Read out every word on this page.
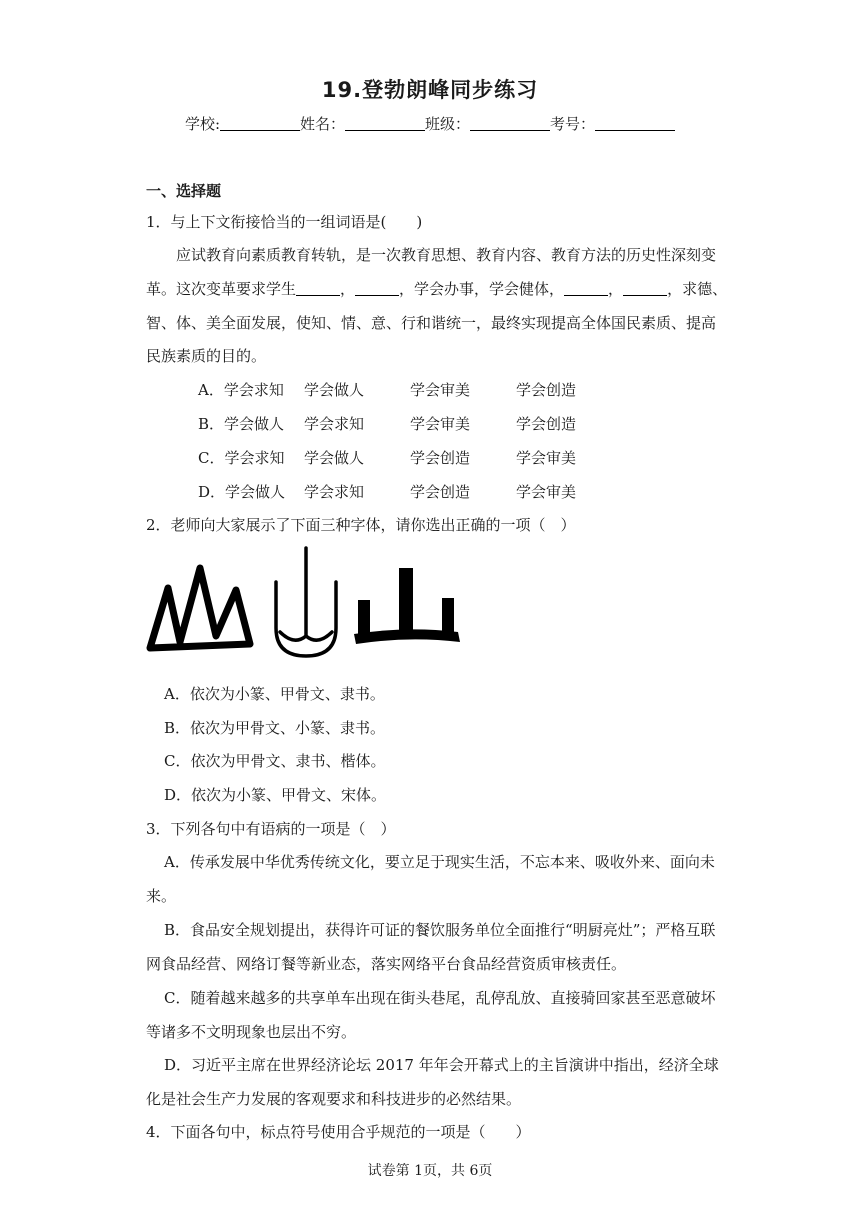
19.登勃朗峰同步练习
学校:	姓名：	班级：	考号：
一、选择题
1．与上下文衔接恰当的一组词语是(　　)
　　应试教育向素质教育转轨，是一次教育思想、教育内容、教育方法的历史性深刻变
革。这次变革要求学生	，	，学会办事，学会健体，	，	，求德、
智、体、美全面发展，使知、情、意、行和谐统一，最终实现提高全体国民素质、提高
民族素质的目的。
A．学会求知 学会做人	学会审美	学会创造
B．学会做人 学会求知	学会审美	学会创造
C．学会求知 学会做人	学会创造	学会审美
D．学会做人 学会求知	学会创造	学会审美
2．老师向大家展示了下面三种字体，请你选出正确的一项（　）
A．依次为小篆、甲骨文、隶书。
B．依次为甲骨文、小篆、隶书。
C．依次为甲骨文、隶书、楷体。
D．依次为小篆、甲骨文、宋体。
3．下列各句中有语病的一项是（　）
A．传承发展中华优秀传统文化，要立足于现实生活，不忘本来、吸收外来、面向未
来。
B．食品安全规划提出，获得许可证的餐饮服务单位全面推行“明厨亮灶”；严格互联
网食品经营、网络订餐等新业态，落实网络平台食品经营资质审核责任。
C．随着越来越多的共享单车出现在街头巷尾，乱停乱放、直接骑回家甚至恶意破坏
等诸多不文明现象也层出不穷。
D．习近平主席在世界经济论坛 2017 年年会开幕式上的主旨演讲中指出，经济全球
化是社会生产力发展的客观要求和科技进步的必然结果。
4．下面各句中，标点符号使用合乎规范的一项是（　　）
试卷第 1页，共 6页
